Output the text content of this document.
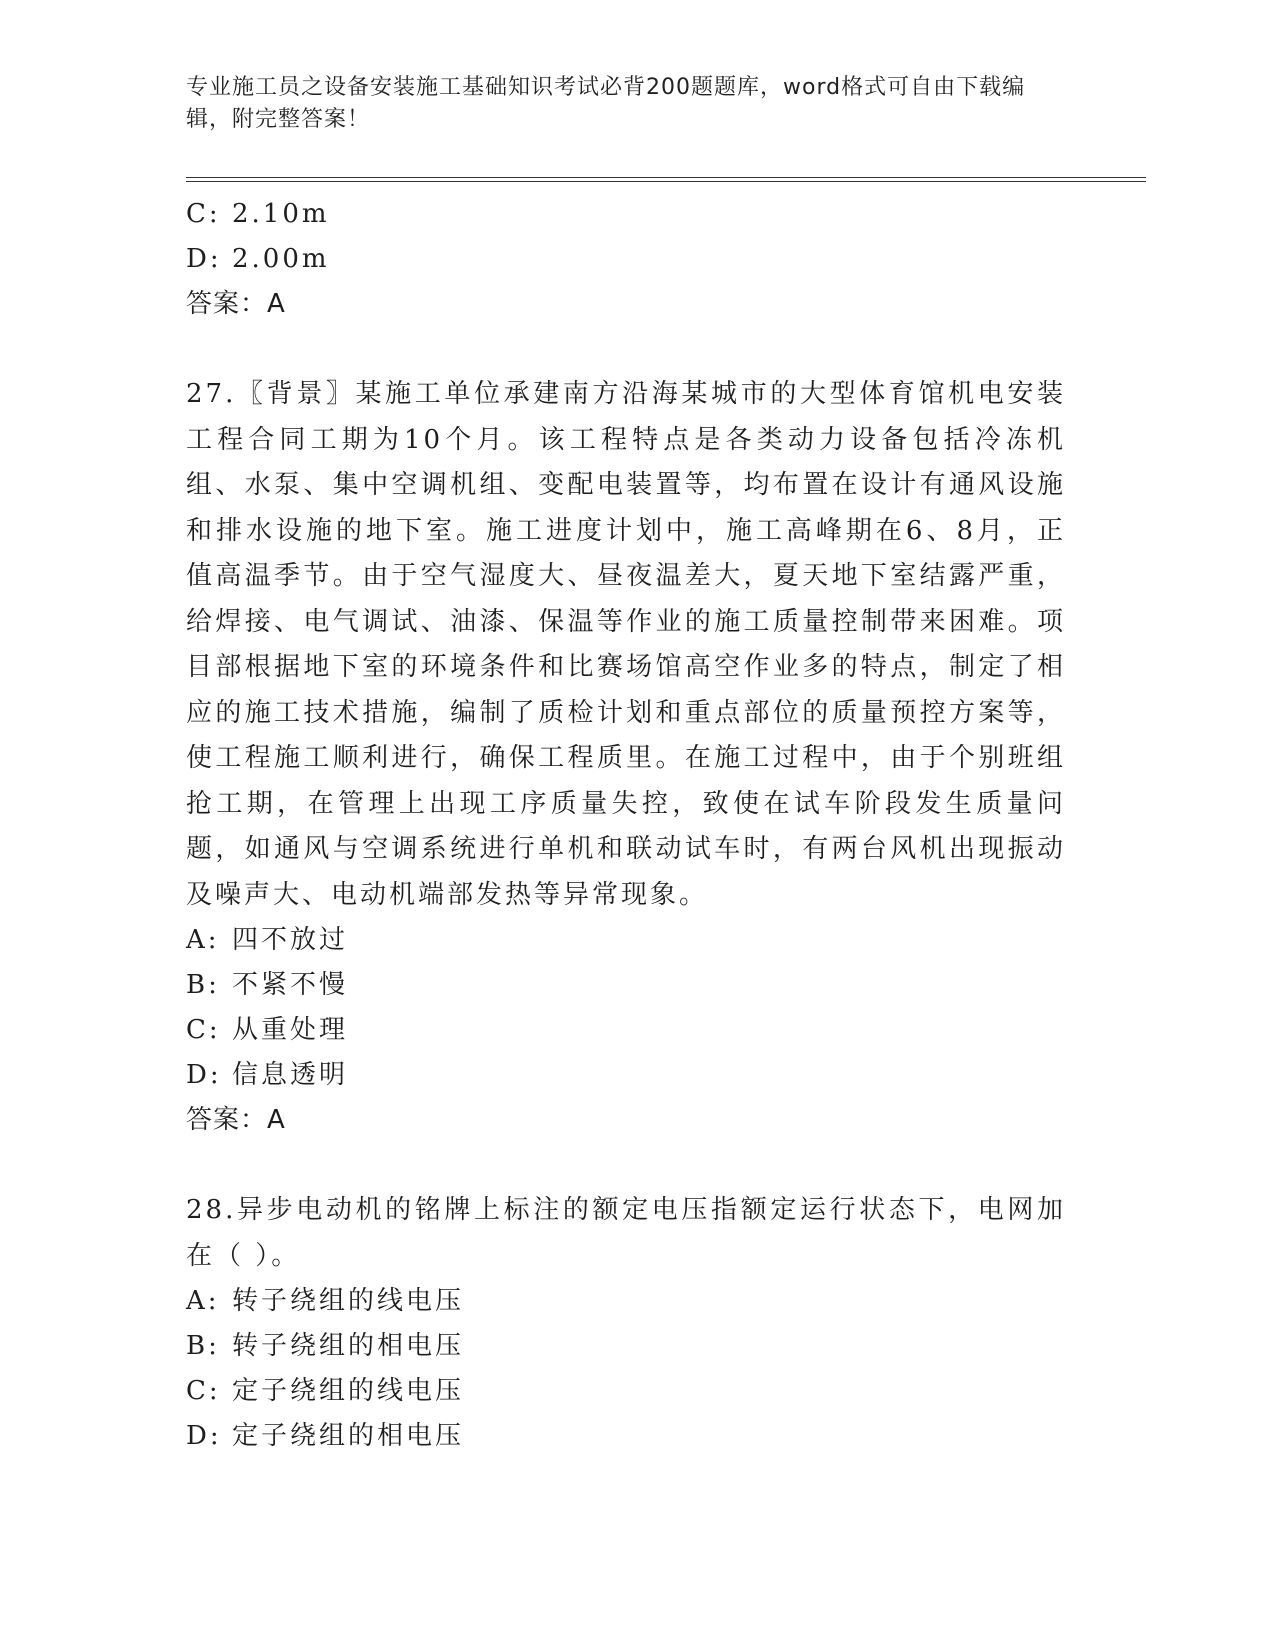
专业施工员之设备安装施工基础知识考试必背200题题库，word格式可自由下载编辑，附完整答案！
C: 2.10m
D: 2.00m
答案：A
27.〖背景〗某施工单位承建南方沿海某城市的大型体育馆机电安装工程合同工期为10个月。该工程特点是各类动力设备包括冷冻机组、水泵、集中空调机组、变配电装置等，均布置在设计有通风设施和排水设施的地下室。施工进度计划中，施工高峰期在6、8月，正值高温季节。由于空气湿度大、昼夜温差大，夏天地下室结露严重，给焊接、电气调试、油漆、保温等作业的施工质量控制带来困难。项目部根据地下室的环境条件和比赛场馆高空作业多的特点，制定了相应的施工技术措施，编制了质检计划和重点部位的质量预控方案等，使工程施工顺利进行，确保工程质里。在施工过程中，由于个别班组抢工期，在管理上出现工序质量失控，致使在试车阶段发生质量问题，如通风与空调系统进行单机和联动试车时，有两台风机出现振动及噪声大、电动机端部发热等异常现象。
A: 四不放过
B: 不紧不慢
C: 从重处理
D: 信息透明
答案：A
28.异步电动机的铭牌上标注的额定电压指额定运行状态下，电网加在（ ）。
A: 转子绕组的线电压
B: 转子绕组的相电压
C: 定子绕组的线电压
D: 定子绕组的相电压
